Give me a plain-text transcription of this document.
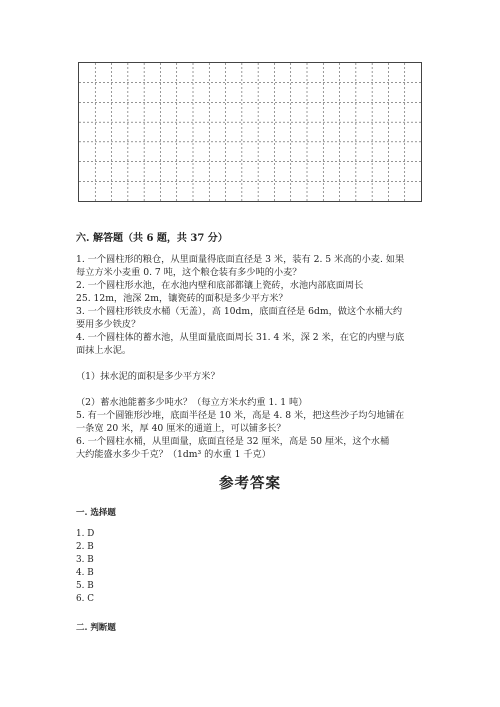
六. 解答题（共 6 题，共 37 分）
1. 一个圆柱形的粮仓，从里面量得底面直径是 3 米，装有 2. 5 米高的小麦. 如果
每立方米小麦重 0. 7 吨，这个粮仓装有多少吨的小麦？
2. 一个圆柱形水池，在水池内壁和底部都镶上瓷砖，水池内部底面周长
25. 12m，池深 2m，镶瓷砖的面积是多少平方米？
3. 一个圆柱形铁皮水桶（无盖），高 10dm，底面直径是 6dm，做这个水桶大约
要用多少铁皮？
4. 一个圆柱体的蓄水池，从里面量底面周长 31. 4 米，深 2 米，在它的内壁与底
面抹上水泥。
（1）抹水泥的面积是多少平方米？
（2）蓄水池能蓄多少吨水？（每立方米水约重 1. 1 吨）
5. 有一个圆锥形沙堆，底面半径是 10 米，高是 4. 8 米，把这些沙子均匀地铺在
一条宽 20 米，厚 40 厘米的通道上，可以铺多长？
6. 一个圆柱水桶，从里面量，底面直径是 32 厘米，高是 50 厘米，这个水桶
大约能盛水多少千克？（1dm³ 的水重 1 千克）
参考答案
一. 选择题
1. D
2. B
3. B
4. B
5. B
6. C
二. 判断题
